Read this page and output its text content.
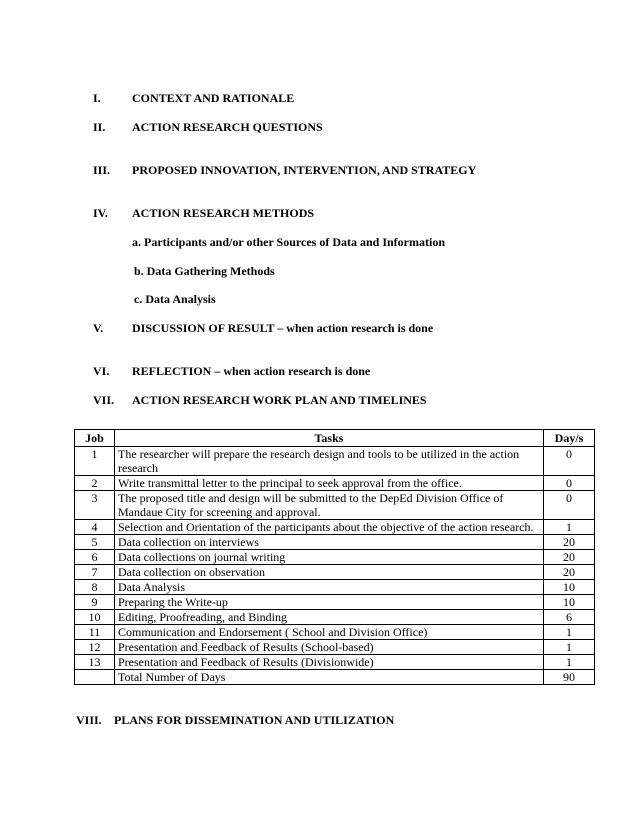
I.	CONTEXT AND RATIONALE
II. ACTION RESEARCH QUESTIONS
III. PROPOSED INNOVATION, INTERVENTION, AND STRATEGY
IV. ACTION RESEARCH METHODS
a. Participants and/or other Sources of Data and Information
b. Data Gathering Methods
c. Data Analysis
V. DISCUSSION OF RESULT – when action research is done
VI. REFLECTION – when action research is done
VII. ACTION RESEARCH WORK PLAN AND TIMELINES
Job	Tasks	Day/s
1	The researcher will prepare the research design and tools to be utilized in the action research	0
2	Write transmittal letter to the principal to seek approval from the office.	0
3	The proposed title and design will be submitted to the DepEd Division Office of Mandaue City for screening and approval.	0
4	Selection and Orientation of the participants about the objective of the action research.	1
5	Data collection on interviews	20
6	Data collections on journal writing	20
7	Data collection on observation	20
8	Data Analysis	10
9	Preparing the Write-up	10
10	Editing, Proofreading, and Binding	6
11	Communication and Endorsement ( School and Division Office)	1
12	Presentation and Feedback of Results (School-based)	1
13	Presentation and Feedback of Results (Divisionwide)	1
	Total Number of Days	90
VIII. PLANS FOR DISSEMINATION AND UTILIZATION
